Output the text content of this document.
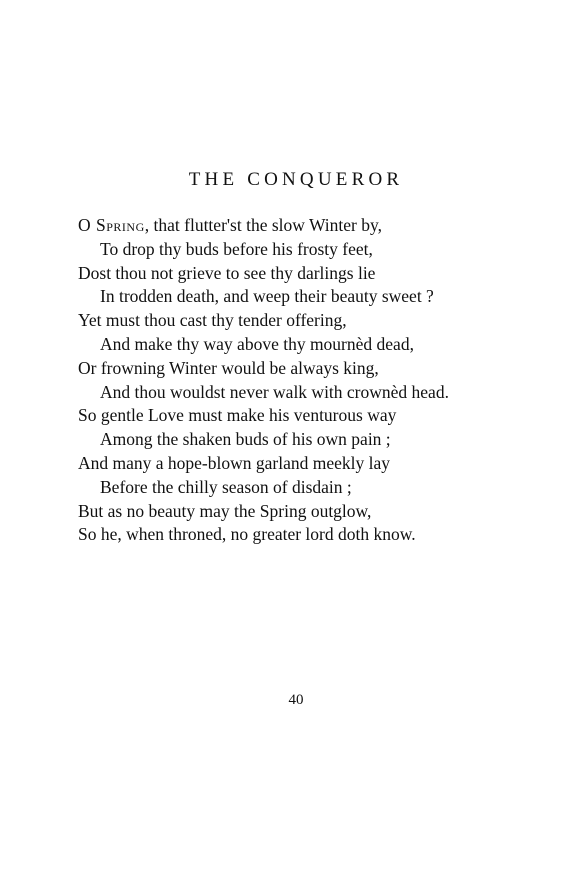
THE CONQUEROR
O Spring, that flutter'st the slow Winter by,
To drop thy buds before his frosty feet,
Dost thou not grieve to see thy darlings lie
In trodden death, and weep their beauty sweet ?
Yet must thou cast thy tender offering,
And make thy way above thy mournèd dead,
Or frowning Winter would be always king,
And thou wouldst never walk with crownèd head.
So gentle Love must make his venturous way
Among the shaken buds of his own pain ;
And many a hope-blown garland meekly lay
Before the chilly season of disdain ;
But as no beauty may the Spring outglow,
So he, when throned, no greater lord doth know.
40
